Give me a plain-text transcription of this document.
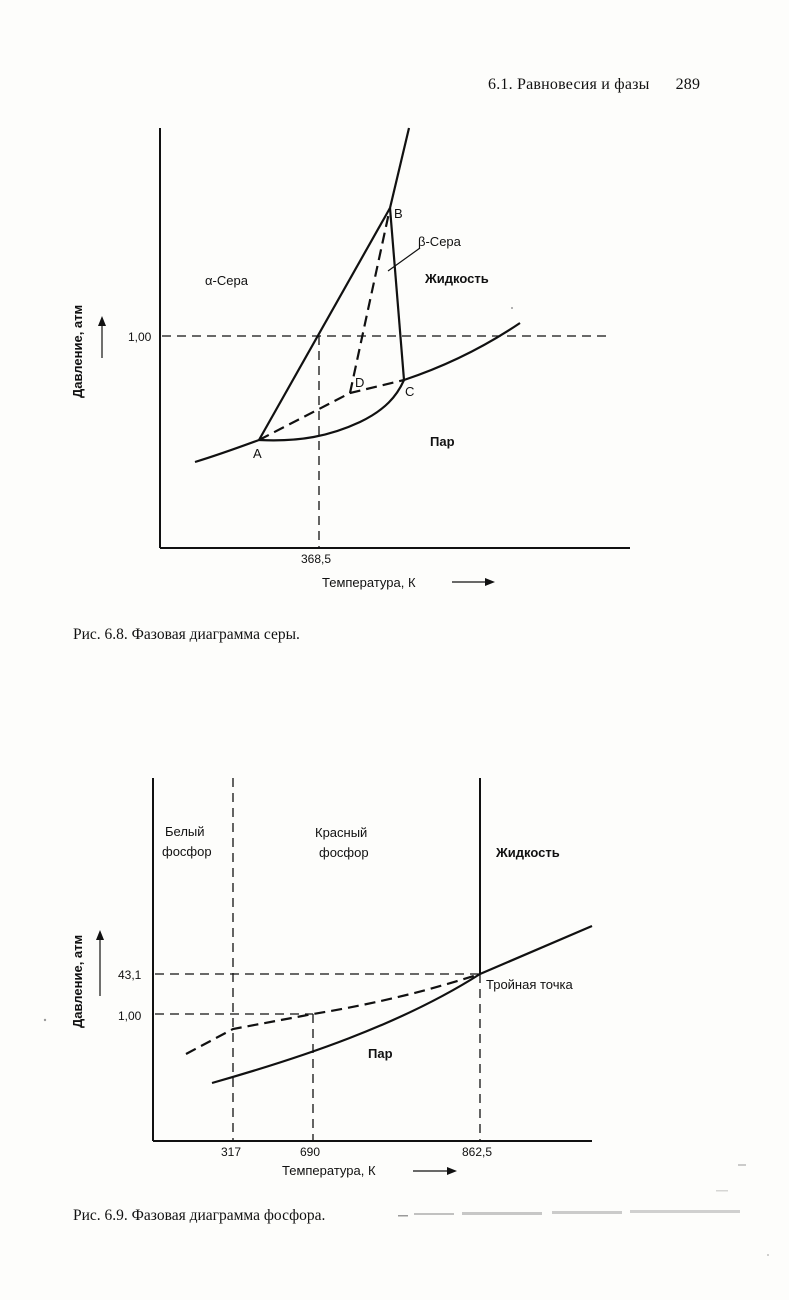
6.1. Равновесия и фазы 289
Давление, атм	1,00
368,5
A
B
C
D
α-Сера
β-Сера
Жидкость
Пар
Температура, К
Давление, атм	43,1
1,00
317	690	862,5
Белый
фосфор
Красный
фосфор	Жидкость
Пар
Тройная точка
Температура, К
Рис. 6.8. Фазовая диаграмма серы.
Рис. 6.9. Фазовая диаграмма фосфора.
